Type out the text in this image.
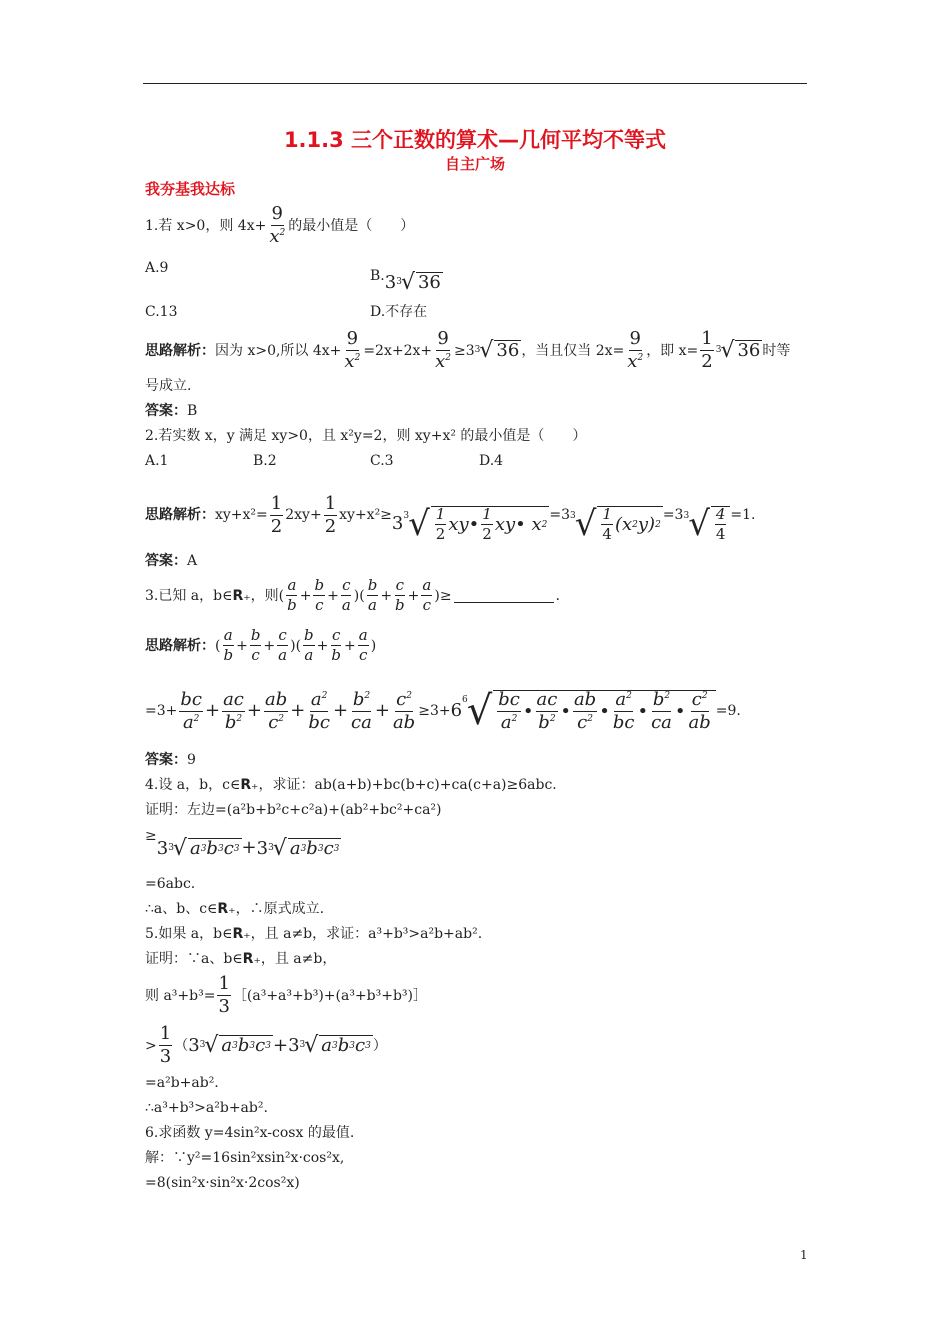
1.1.3 三个正数的算术—几何平均不等式
自主广场
我夯基我达标
1.若 x>0，则 $4x+ \frac{9}{x^2}$ 的最小值是（　　）
A.9	B. 3 3 √ 36
C.13	D.不存在
思路解析： 因为 x>0,所以 $4x+ \frac{9}{x^2} =2x+2x+ \frac{9}{x^2} \ge 3$ 3 √ 36 ，当且仅当 $2x= \frac{9}{x^2}$ ，即 $x= \frac{1}{2} 3$ √ 36 时等
号成立.
答案： B
2.若实数 x，y 满足 xy>0，且 x²y=2，则 xy+x² 的最小值是（　　）
A.1	B.2	C.3	D.4
思路解析： $xy+x^2= \frac{1}{2} 2xy+ \frac{1}{2} xy+x^2\ge 3$ 3 √ $\frac{1}{2}$ xy• $\frac{1}{2}$ xy• x 2
=3 3 √ $\frac{1}{4} (x$ 2 y) 2
=3 3 √ $\frac{4}{4} =1$.
答案： A
3.已知 a，b∈ R ₊，则 ( $\frac{a}{b} + \frac{b}{c} + \frac{c}{a}$ )( $\frac{b}{a} + \frac{c}{b} + \frac{a}{c}$ ) ≥	.
思路解析： ( $\frac{a}{b} + \frac{b}{c} + \frac{c}{a}$ )( $\frac{b}{a} + \frac{c}{b} + \frac{a}{c}$ )
$=3+ \frac{bc}{a^2} + \frac{ac}{b^2} + \frac{ab}{c^2} + \frac{a^2}{bc} + \frac{b^2}{ca} + \frac{c^2}{ab} \ge 3+ 6$ 6 √ $\frac{bc}{a^2}$ • $\frac{ac}{b^2}$ • $\frac{ab}{c^2}$ • $\frac{a^2}{bc}$ • $\frac{b^2}{ca}$ • $\frac{c^2}{ab} =9$.
答案： 9
4.设 a，b，c∈ R ₊，求证：ab(a+b)+bc(b+c)+ca(c+a)≥6abc.
证明：左边=(a²b+b²c+c²a)+(ab²+bc²+ca²)
≥
3 3 √ a 3 b 3 c 3 + 3 3 √ a 3 b 3 c 3
=6abc.
∴a、b、c∈ R ₊，∴原式成立.
5.如果 a，b∈ R ₊，且 a≠b，求证：a³+b³>a²b+ab².
证明：∵a、b∈ R ₊，且 a≠b，
则 $a^3+b^3= \frac{1}{3}$ ［(a³+a³+b³)+(a³+b³+b³)］
> $\frac{1}{3}$ （ 3 3 √ a 3 b 3 c 3 + 3 3 √ a 3 b 3 c 3 ）
=a²b+ab².
∴a³+b³>a²b+ab².
6.求函数 y=4sin²x-cosx 的最值.
解：∵y²=16sin²xsin²x·cos²x,
=8(sin²x·sin²x·2cos²x)
1
